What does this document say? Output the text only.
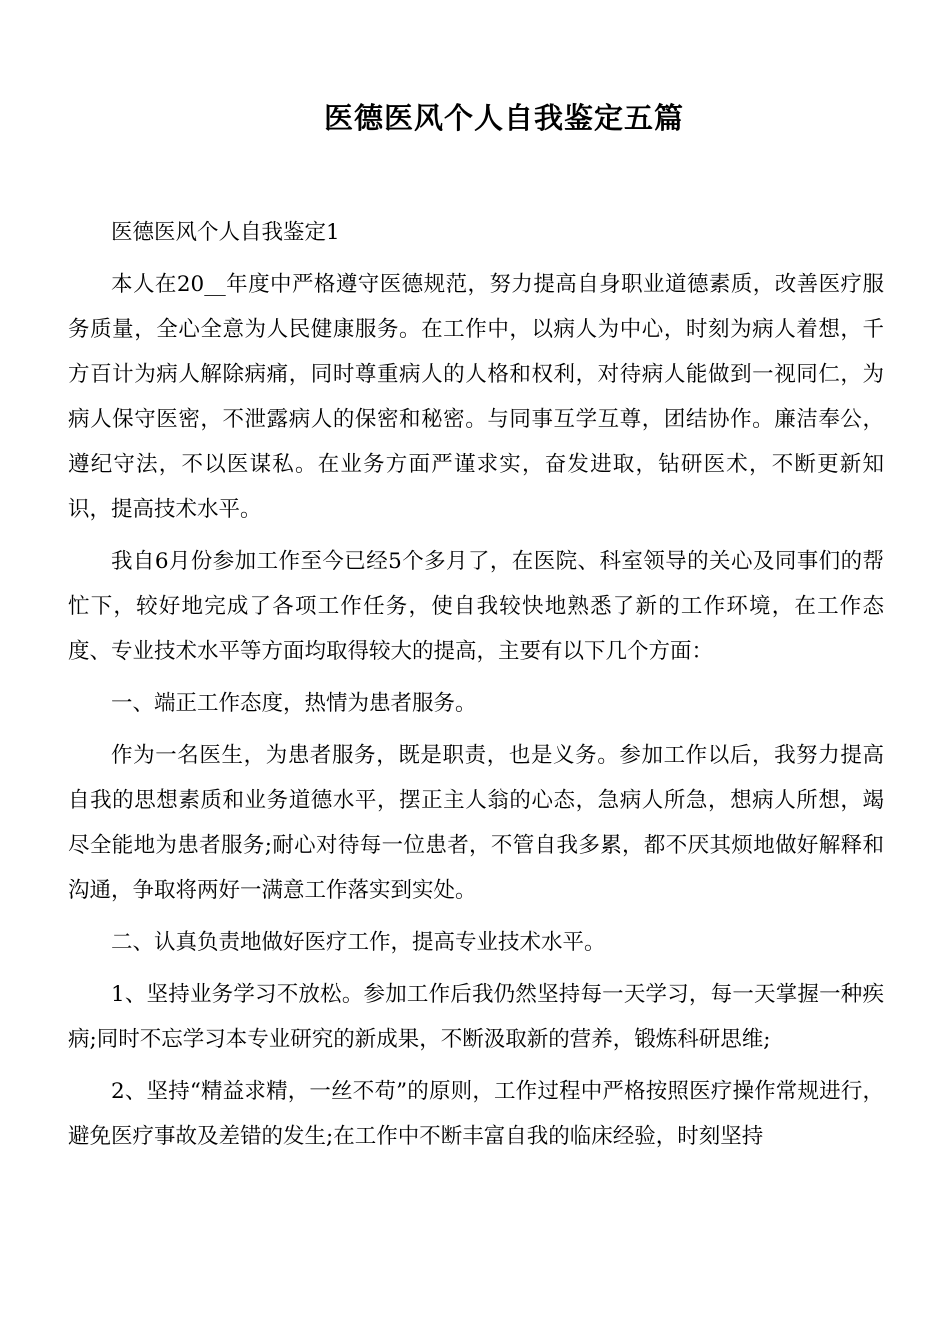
医德医风个人自我鉴定五篇

医德医风个人自我鉴定1

本人在20__年度中严格遵守医德规范，努力提高自身职业道德素质，改善医疗服务质量，全心全意为人民健康服务。在工作中，以病人为中心，时刻为病人着想，千方百计为病人解除病痛，同时尊重病人的人格和权利，对待病人能做到一视同仁，为病人保守医密，不泄露病人的保密和秘密。与同事互学互尊，团结协作。廉洁奉公，遵纪守法，不以医谋私。在业务方面严谨求实，奋发进取，钻研医术，不断更新知识，提高技术水平。

我自6月份参加工作至今已经5个多月了，在医院、科室领导的关心及同事们的帮忙下，较好地完成了各项工作任务，使自我较快地熟悉了新的工作环境，在工作态度、专业技术水平等方面均取得较大的提高，主要有以下几个方面：

一、端正工作态度，热情为患者服务。

作为一名医生，为患者服务，既是职责，也是义务。参加工作以后，我努力提高自我的思想素质和业务道德水平，摆正主人翁的心态，急病人所急，想病人所想，竭尽全能地为患者服务;耐心对待每一位患者，不管自我多累，都不厌其烦地做好解释和沟通，争取将两好一满意工作落实到实处。

二、认真负责地做好医疗工作，提高专业技术水平。

1、坚持业务学习不放松。参加工作后我仍然坚持每一天学习，每一天掌握一种疾病;同时不忘学习本专业研究的新成果，不断汲取新的营养，锻炼科研思维;

2、坚持“精益求精，一丝不苟”的原则，工作过程中严格按照医疗操作常规进行，避免医疗事故及差错的发生;在工作中不断丰富自我的临床经验，时刻坚持
